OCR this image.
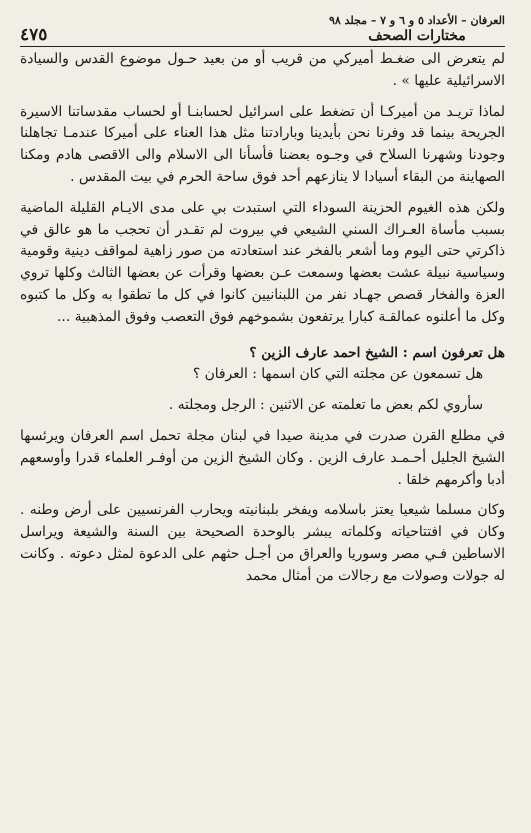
العرفان – الأعداد ٥ و ٦ و ٧ – مجلد ٩٨
مختارات الصحف
٤٧٥

لم يتعرض الى ضغـط أميركي من قريب أو من بعيد حـول موضوع القدس والسيادة الاسرائيلية عليها » .

لماذا تريـد من أميركـا أن تضغط على اسرائيل لحسابنـا أو لحساب مقدساتنا الاسيرة الجريحة بينما قد وفرنا نحن بأيدينا وبارادتنا مثل هذا العناء على أميركا عندمـا تجاهلنا وجودنا وشهرنا السلاح في وجـوه بعضنا فأسأنا الى الاسلام والى الاقصى هادم ومكنا الصهاينة من البقاء أسيادا لا ينازعهم أحد فوق ساحة الحرم في بيت المقدس .

ولكن هذه الغيوم الحزينة السوداء التي استبدت بي على مدى الايـام القليلة الماضية بسبب مأساة العـراك السني الشيعي في بيروت لم تقـدر أن تحجب ما هو عالق في ذاكرتي حتى اليوم وما أشعر بالفخر عند استعادته من صور زاهية لمواقف دينية وقومية وسياسية نبيلة عشت بعضها وسمعت عـن بعضها وقرأت عن بعضها الثالث وكلها تروي العزة والفخار قصص جهـاد نفر من اللبنانيين كانوا في كل ما تطقوا به وكل ما كتبوه وكل ما أعلنوه عمالقـة كبارا يرتفعون بشموخهم فوق التعصب وفوق المذهبية ...

هل تعرفون اسم : الشيخ احمد عارف الزين ؟

هل تسمعون عن مجلته التي كان اسمها : العرفان ؟

سأروي لكم بعض ما تعلمته عن الاثنين : الرجل ومجلته .

في مطلع القرن صدرت في مدينة صيدا في لبنان مجلة تحمل اسم العرفان ويرئسها الشيخ الجليل أحـمـد عارف الزين . وكان الشيخ الزين من أوفـر العلماء قدرا وأوسعهم أدبا وأكرمهم خلقا .

وكان مسلما شيعيا يعتز باسلامه ويفخر بلبنانيته ويحارب الفرنسيين على أرض وطنه . وكان في افتتاحياته وكلماته يبشر بالوحدة الصحيحة بين السنة والشيعة ويراسل الاساطين فـي مصر وسوريا والعراق من أجـل حثهم على الدعوة لمثل دعوته . وكانت له جولات وصولات مع رجالات من أمثال محمد
